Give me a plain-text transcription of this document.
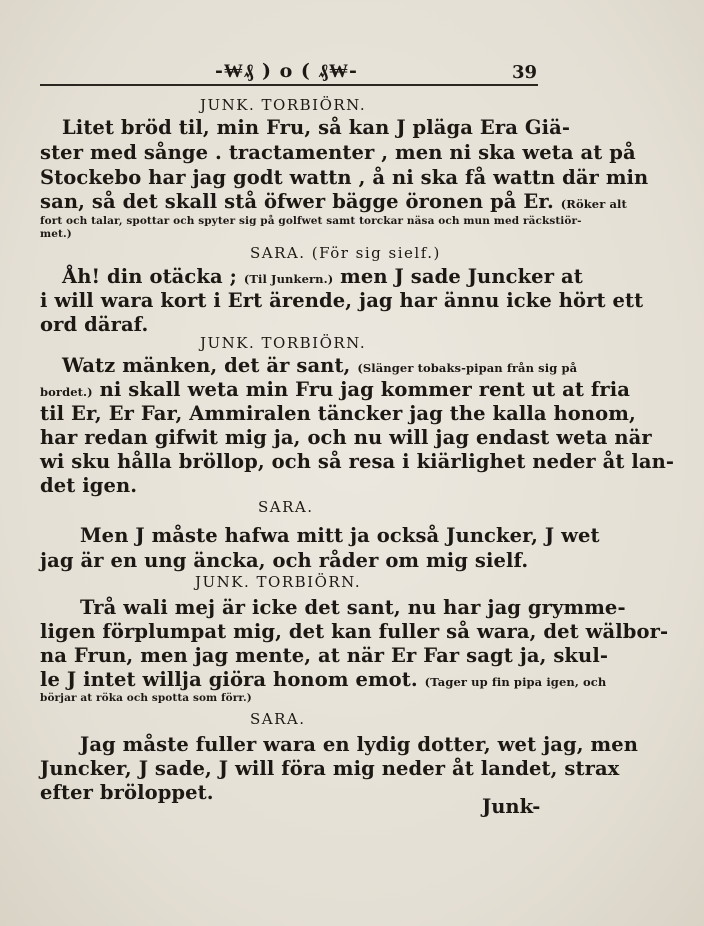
-₩₰ ) o ( ₰₩-	39
JUNK. TORBIÖRN.
Litet bröd til, min Fru, så kan J pläga Era Giä-
ster med sånge . tractamenter , men ni ska weta at på
Stockebo har jag godt wattn , å ni ska få wattn där min
san, så det skall stå öfwer bägge öronen på Er. (Röker alt
fort och talar, spottar och spyter sig på golfwet samt torckar näsa och mun med räckstiör-
met.)
SARA. (För sig sielf.)
Åh! din otäcka ; (Til Junkern.) men J sade Juncker at
i will wara kort i Ert ärende, jag har ännu icke hört ett
ord däraf.
JUNK. TORBIÖRN.
Watz mänken, det är sant, (Slänger tobaks-pipan från sig på
bordet.) ni skall weta min Fru jag kommer rent ut at fria
til Er, Er Far, Ammiralen täncker jag the kalla honom,
har redan gifwit mig ja, och nu will jag endast weta när
wi sku hålla bröllop, och så resa i kiärlighet neder åt lan-
det igen.
SARA.
Men J måste hafwa mitt ja också Juncker, J wet
jag är en ung äncka, och råder om mig sielf.
JUNK. TORBIÖRN.
Trå wali mej är icke det sant, nu har jag grymme-
ligen förplumpat mig, det kan fuller så wara, det wälbor-
na Frun, men jag mente, at när Er Far sagt ja, skul-
le J intet willja giöra honom emot. (Tager up fin pipa igen, och
börjar at röka och spotta som förr.)
SARA.
Jag måste fuller wara en lydig dotter, wet jag, men
Juncker, J sade, J will föra mig neder åt landet, strax
efter bröloppet.
Junk-
